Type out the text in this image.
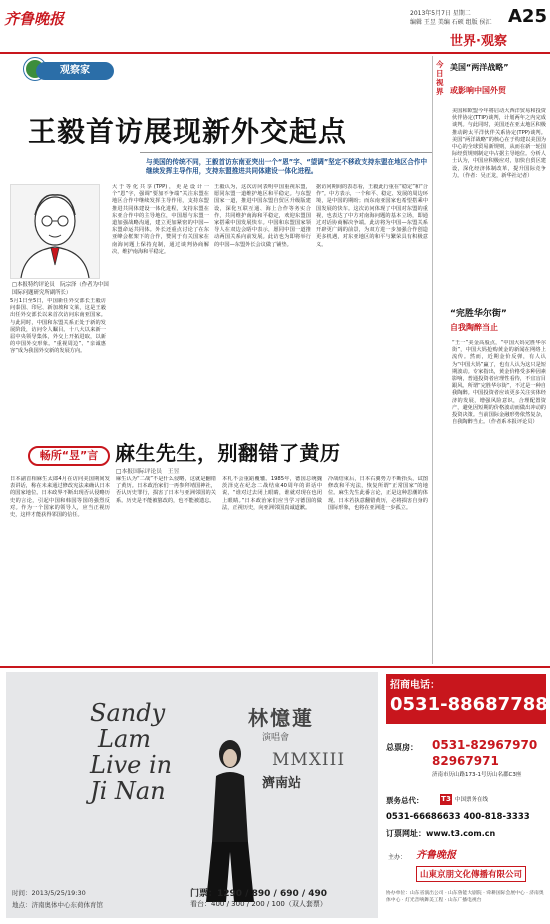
齐鲁晚报	2013年5月7日 星期二
编辑 王昱 美编 石硕 组版 侯汇 A25
世界·观察
观察家
王毅首访展现新外交起点
与美国的传统不同，王毅首访东南亚突出一个“恩”字、“望调”坚定不移政支持东盟在地区合作中继续发挥主导作用，支持东盟推进共同体建设一体化进程。
□本报特约评论员　阮宗泽（作者为中国国际问题研究所副所长）
5月1日至5日，中国新任外交部长王毅访问泰国、印尼、新加坡和文莱，这是王毅出任外交部长以来首次访问东南亚国家。与此同时，中国和东盟关系正处于新的发展阶段，访问令人瞩目。十八大以来新一届中央领导集体，外交上开拓进取，以新的中国外交形象。“重视周边”、“亲诚惠容”成为我国外交新的发展方向。
大于等化共享(TPP)，更是设计一个“恩”字，强调“要加不争端”关注东盟在地区合作中继续发挥主导作用，支持东盟推进共同体建设一体化进程，支持东盟在东亚合作中的主导地位，中国愿与东盟一道加强战略沟通，建立更加紧密的中国—东盟命运共同体。外长还重点讨论了在东亚峰会框架下的合作，赞同于有关国家在南海问题上保持克制，通过谈判协商解决，维护南海和平稳定。
王毅认为，这次访问表明中国重视东盟，愿同东盟一道维护地区和平稳定。与东盟国家一道，推进中国东盟自贸区升级版建设，深化互联互通、海上合作等务实合作，共同维护南海和平稳定，欢迎东盟国家搭乘中国发展快车。中国和东盟国家领导人在双边会晤中表示，愿同中国一道推动两国关系向前发展。此访也为即将举行的中国—东盟外长会议做了铺垫。
据访问期间的表态看，王毅此行重在“稳定”和“合作”。中方表示，一个和平、稳定、发展的周边环境，是中国的期盼；而东南亚国家也希望搭乘中国发展的快车。这次访问体现了中国对东盟的重视，也表达了中方对南海问题的基本立场，即通过对话协商解决争端。此访将为中国—东盟关系开辟更广阔的前景，为双方进一步加强合作创造更多机遇，对东亚地区的和平与繁荣具有积极意义。
今日视界
美国“两洋战略”
或影响中国外贸
美国和欧盟今年将启动大西洋贸易和投资伙伴协定(TTIP)谈判，计划两年之内完成谈判。与此同时，美国还在亚太地区积极推动跨太平洋伙伴关系协定(TPP)谈判。美国“两洋战略”的核心在于构建以美国为中心的全球贸易新规则，从而在新一轮国际经贸规则制定中占据主导地位。分析人士认为，中国应积极应对，加快自贸区建设，深化经济体制改革，提升国际竞争力。（作者：吴正龙，新华社记者）
“完胜华尔街”
自我陶醉当止
“王一”美金高股点，“中国大妈完胜华尔街”，中国大妈抢购黄金的新闻在网络上流传。然而，近期金价反弹，有人认为“中国大妈”赢了，也有人认为这只是短期波动。专家指出，黄金价格受多种因素影响，普通投资者应理性看待，不宜盲目跟风。所谓“完胜华尔街”，不过是一种自我陶醉。中国投资者应该更多关注实体经济的发展，增强风险意识，合理配置资产，避免因短期的价格波动而做出冲动的投资决策。当前国际金融形势依然复杂，自我陶醉当止。（作者系本报评论员）
畅所“昱”言 麻生先生，别翻错了黄历
□本报国际评论员　王昱
日本副首相麻生太郎4月在访问美国期间发表讲话，称在未来通过修改宪法来确认日本的国家地位。日本政界不断出现否认侵略历史的言论，引起中国和韩国等国的强烈反对。作为一个国家的领导人，应当正视历史，这样才能获得邻国的信任。
麻生认为“二战”不是什么侵略，这就是翻错了黄历。日本政治家们一再参拜靖国神社，否认历史罪行，损害了日本与亚洲邻国的关系。历史是不能被篡改的，也不能被遗忘。
本札不会重蹈覆辙。1985年，德国总统魏茨泽克在纪念二战结束40周年的讲话中说，“谁对过去闭上眼睛，谁就对现在也闭上眼睛。”日本政治家们应当学习德国的做法，正视历史，向亚洲邻国真诚道歉。
冷战结束后，日本右翼势力不断抬头，试图修改和平宪法，恢复所谓“正常国家”的地位。麻生先生此番言论，正是这种思潮的体现。日本若执意翻错黄历，必将损害自身的国际形象，也将在亚洲进一步孤立。
Sandy
Lam
Live in
Ji Nan
林憶蓮
演唱會
MMXIII
濟南站
时间：2013/5/25/19:30
地点：济南奥体中心东荷体育馆
门票：1290 / 890 / 690 / 490
看台：400 / 300 / 200 / 100（双人套票）
招商电话：
0531-88687788
总票房： 0531-82967970
82967971
济南市历山路173-1号历山名郡C3座
票务总代：	T3 中国票务在线
0531-66686633 400-818-3333
订票网址：www.t3.com.cn
主办： 齐鲁晚报
山東京朋文化傳播有限公司
协办单位：山东省演出公司 · 山东鲁能大剧院 · 舜耕国际会展中心 · 济南奥体中心 · 灯光音响舞美工程 · 山东广播电视台
